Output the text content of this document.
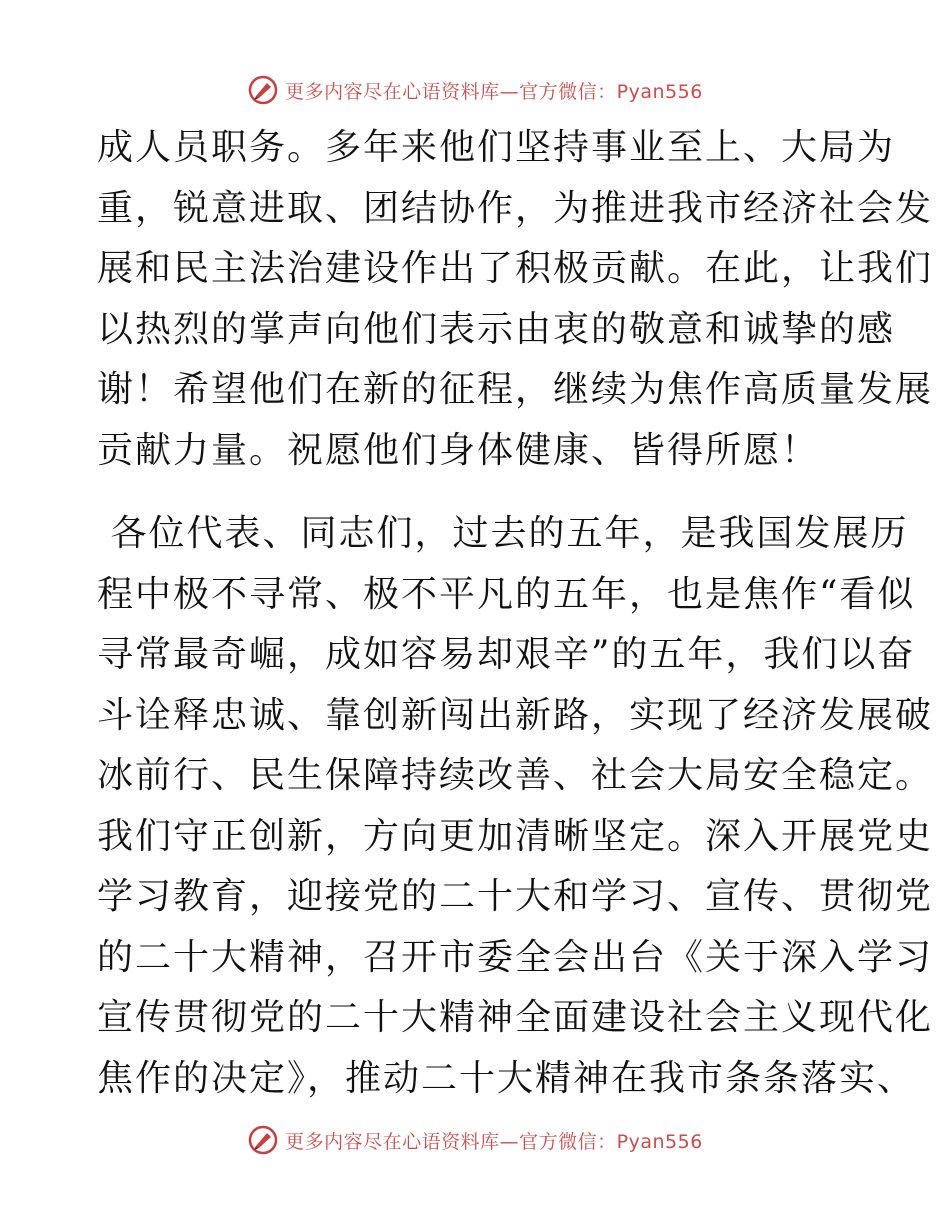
更多内容尽在心语资料库—官方微信：Pyan556
成人员职务。多年来他们坚持事业至上、大局为
重，锐意进取、团结协作，为推进我市经济社会发
展和民主法治建设作出了积极贡献。在此，让我们
以热烈的掌声向他们表示由衷的敬意和诚挚的感
谢！希望他们在新的征程，继续为焦作高质量发展
贡献力量。祝愿他们身体健康、皆得所愿！
各位代表、同志们，过去的五年，是我国发展历
程中极不寻常、极不平凡的五年，也是焦作“看似
寻常最奇崛，成如容易却艰辛”的五年，我们以奋
斗诠释忠诚、靠创新闯出新路，实现了经济发展破
冰前行、民生保障持续改善、社会大局安全稳定。
我们守正创新，方向更加清晰坚定。深入开展党史
学习教育，迎接党的二十大和学习、宣传、贯彻党
的二十大精神，召开市委全会出台《关于深入学习
宣传贯彻党的二十大精神全面建设社会主义现代化
焦作的决定》，推动二十大精神在我市条条落实、
更多内容尽在心语资料库—官方微信：Pyan556
